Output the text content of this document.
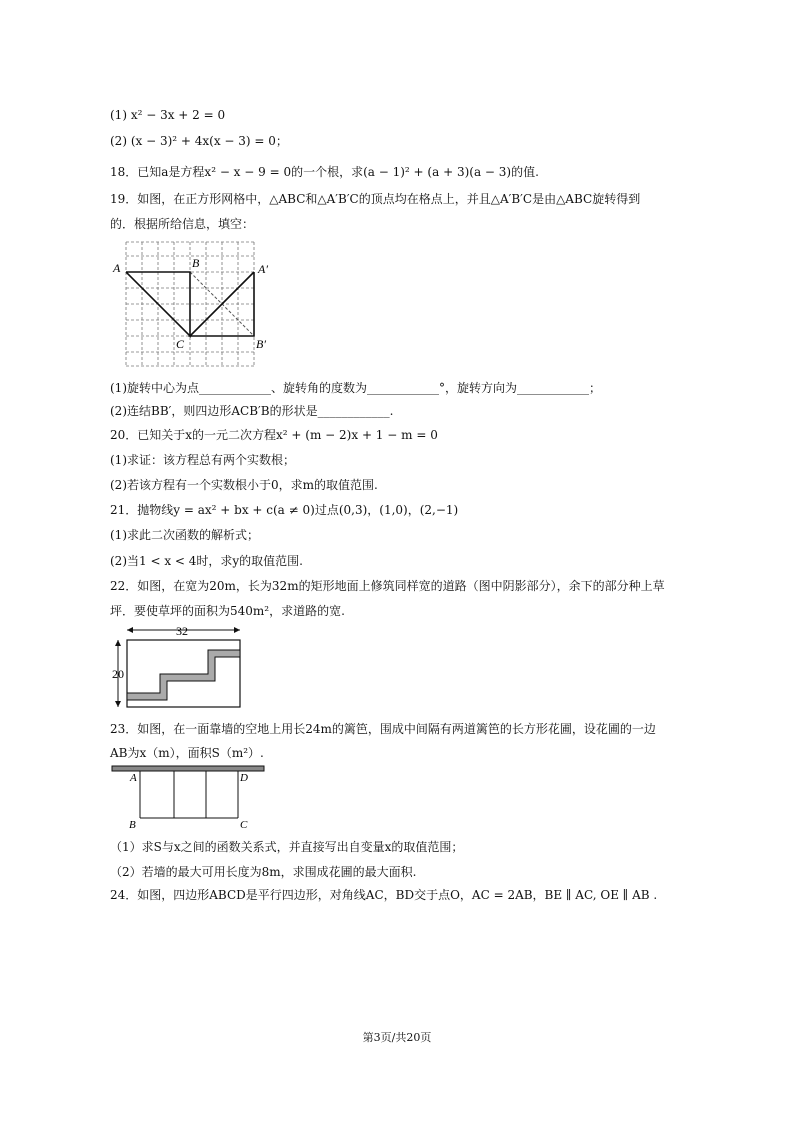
(1) x² − 3x + 2 = 0
(2) (x − 3)² + 4x(x − 3) = 0；
18．已知a是方程x² − x − 9 = 0的一个根，求(a − 1)² + (a + 3)(a − 3)的值.
19．如图，在正方形网格中，△ABC和△A′B′C的顶点均在格点上，并且△A′B′C是由△ABC旋转得到
的．根据所给信息，填空：
A	B	A′
C	B′
(1)旋转中心为点____________、旋转角的度数为____________°，旋转方向为____________；
(2)连结BB′，则四边形ACB′B的形状是____________.
20．已知关于x的一元二次方程x² + (m − 2)x + 1 − m = 0
(1)求证：该方程总有两个实数根；
(2)若该方程有一个实数根小于0，求m的取值范围.
21．抛物线y = ax² + bx + c(a ≠ 0)过点(0,3)，(1,0)，(2,−1)
(1)求此二次函数的解析式；
(2)当1 < x < 4时，求y的取值范围.
22．如图，在宽为20m，长为32m的矩形地面上修筑同样宽的道路（图中阴影部分），余下的部分种上草
坪．要使草坪的面积为540m²，求道路的宽.
32
20
23．如图，在一面靠墙的空地上用长24m的篱笆，围成中间隔有两道篱笆的长方形花圃，设花圃的一边
AB为x（m），面积S（m²）.
A	D
B	C
（1）求S与x之间的函数关系式，并直接写出自变量x的取值范围；
（2）若墙的最大可用长度为8m，求围成花圃的最大面积.
24．如图，四边形ABCD是平行四边形，对角线AC，BD交于点O，AC = 2AB，BE ∥ AC, OE ∥ AB .
第3页/共20页
